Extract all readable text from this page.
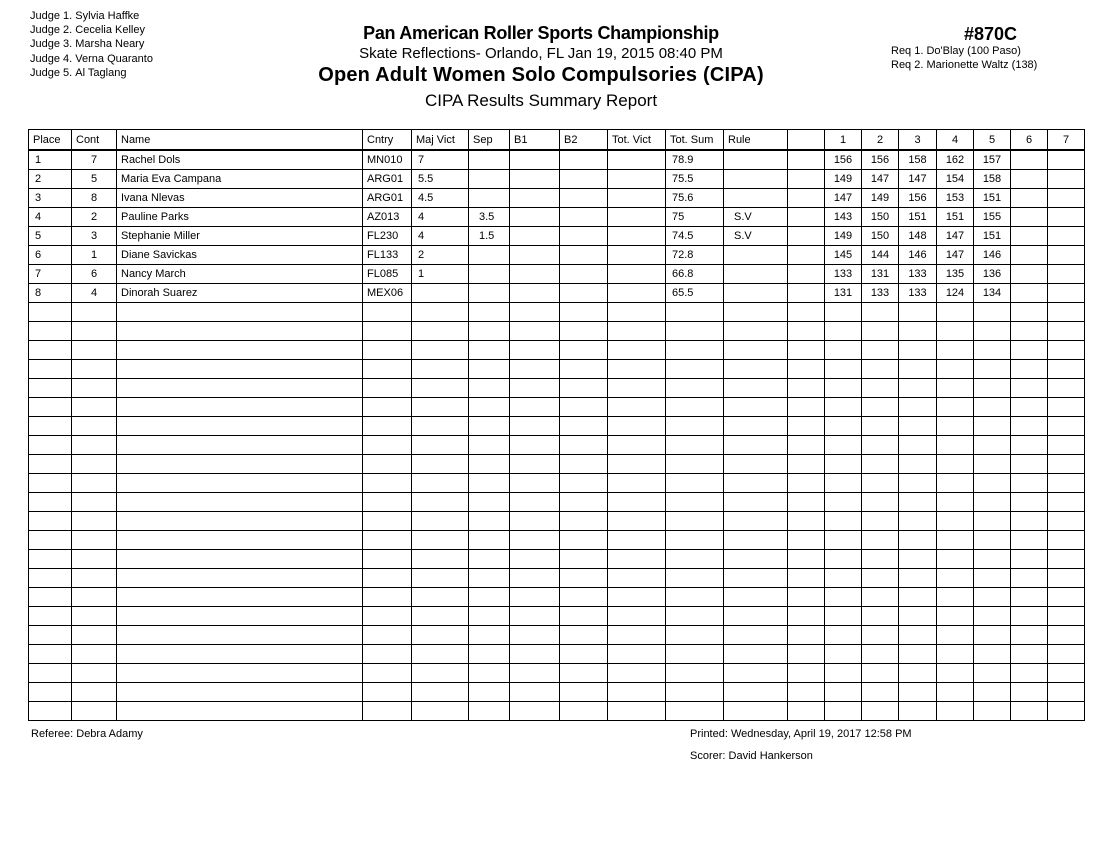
Judge 1. Sylvia Haffke
Judge 2. Cecelia Kelley
Judge 3. Marsha Neary
Judge 4. Verna Quaranto
Judge 5. Al Taglang
Pan American Roller Sports Championship
Skate Reflections- Orlando, FL Jan 19, 2015 08:40 PM
Open Adult Women Solo Compulsories (CIPA)
CIPA Results Summary Report
#870C
Req 1. Do'Blay (100 Paso)
Req 2. Marionette Waltz (138)
Place	Cont	Name	Cntry	Maj Vict	Sep	B1	B2	Tot. Vict	Tot. Sum	Rule		1	2	3	4	5	6	7
1	7	Rachel Dols	MN010	7					78.9			156	156	158	162	157		
2	5	Maria Eva Campana	ARG01	5.5					75.5			149	147	147	154	158		
3	8	Ivana Nlevas	ARG01	4.5					75.6			147	149	156	153	151		
4	2	Pauline Parks	AZ013	4	3.5				75	S.V		143	150	151	151	155		
5	3	Stephanie Miller	FL230	4	1.5				74.5	S.V		149	150	148	147	151		
6	1	Diane Savickas	FL133	2					72.8			145	144	146	147	146		
7	6	Nancy March	FL085	1					66.8			133	131	133	135	136		
8	4	Dinorah Suarez	MEX06						65.5			131	133	133	124	134		

Referee: Debra Adamy	Printed: Wednesday, April 19, 2017 12:58 PM
Scorer: David Hankerson
